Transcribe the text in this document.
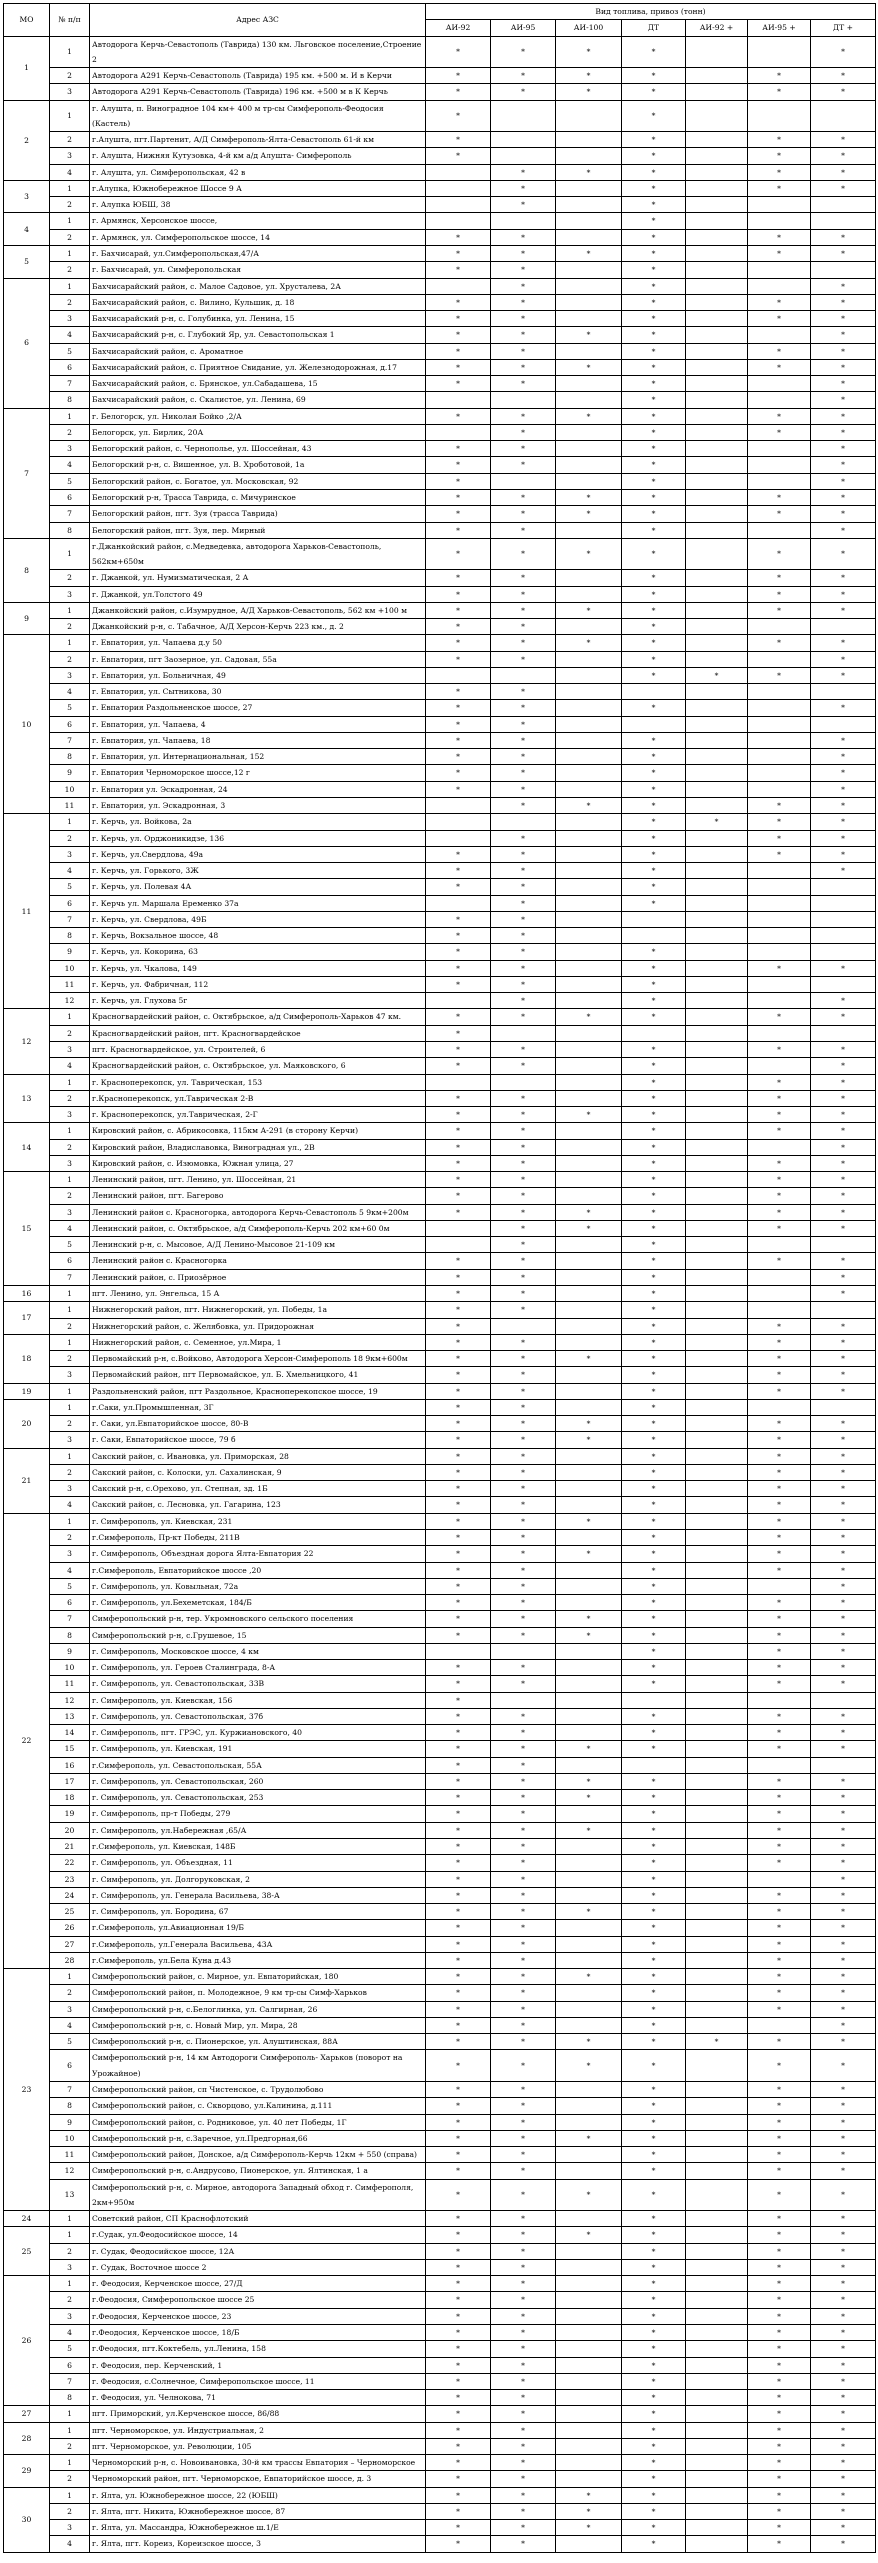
МО	№ п/п	Адрес АЗС	Вид топлива, привоз (тонн)						
			АИ-92	АИ-95	АИ-100	ДТ	АИ-92 +	АИ-95 +	ДТ +
1	1	Автодорога Керчь-Севастополь (Таврида) 130 км. Льговское поселение,Строение 2	*	*	*	*			*
	2	Автодорога А291 Керчь-Севастополь (Таврида) 195 км. +500 м. И в Керчи	*	*	*	*		*	*
	3	Автодорога А291 Керчь-Севастополь (Таврида) 196 км. +500 м в К Керчь	*	*	*	*		*	*
2	1	г. Алушта, п. Виноградное 104 км+ 400 м тр-сы Симферополь-Феодосия (Кастель)	*			*			
	2	г.Алушта, пгт.Партенит, А/Д Симферополь-Ялта-Севастополь 61-й км	*			*		*	*
	3	г. Алушта, Нижняя Кутузовка, 4-й км а/д Алушта- Симферополь	*			*		*	*
	4	г. Алушта, ул. Симферопольская, 42 в		*	*	*		*	*
3	1	г.Алупка, Южнобережное Шоссе 9 А		*		*		*	*
	2	г. Алупка ЮБШ, 38		*		*			
4	1	г. Армянск, Херсонское шоссе,				*			
	2	г. Армянск, ул. Симферопольское шоссе, 14	*	*		*		*	*
5	1	г. Бахчисарай, ул.Симферопольская,47/А	*	*	*	*		*	*
	2	г. Бахчисарай, ул. Симферопольская	*	*		*			
6	1	Бахчисарайский район, с. Малое Садовое, ул. Хрусталева, 2А		*		*			*
	2	Бахчисарайский район, с. Вилино, Кульшик, д. 18	*	*		*		*	*
	3	Бахчисарайский р-н, с. Голубинка, ул. Ленина, 15	*	*		*		*	*
	4	Бахчисарайский р-н, с. Глубокий Яр, ул. Севастопольская 1	*	*	*	*			*
	5	Бахчисарайский район, с. Ароматное	*	*		*		*	*
	6	Бахчисарайский район, с. Приятное Свидание, ул. Железнодорожная, д.17	*	*	*	*		*	*
	7	Бахчисарайский район, с. Брянское, ул.Сабадашева, 15	*	*		*			*
	8	Бахчисарайский район, с. Скалистое, ул. Ленина, 69				*			*
7	1	г. Белогорск, ул. Николая Бойко ,2/А	*	*	*	*		*	*
	2	Белогорск, ул. Бирлик, 20А		*		*		*	*
	3	Белогорский район, с. Чернополье, ул. Шоссейная, 43	*	*		*			*
	4	Белогорский р-н, с. Вишенное, ул. В. Хроботовой, 1а	*	*		*			*
	5	Белогорский район, с. Богатое, ул. Московская, 92	*			*			*
	6	Белогорский р-н, Трасса Таврида, с. Мичуринское	*	*	*	*		*	*
	7	Белогорский район, пгт. Зуя (трасса Таврида)	*	*	*	*		*	*
	8	Белогорский район, пгт. Зуя, пер. Мирный	*	*		*			*
8	1	г.Джанкойский район, с.Медведевка, автодорога Харьков-Севастополь, 562км+650м	*	*	*	*		*	*
	2	г. Джанкой, ул. Нумизматическая, 2 А	*	*		*		*	*
	3	г. Джанкой, ул.Толстого 49	*	*		*		*	*
9	1	Джанкойский район, с.Изумрудное, А/Д Харьков-Севастополь, 562 км +100 м	*	*	*	*		*	*
	2	Джанкойский р-н, с. Табачное, А/Д Херсон-Керчь 223 км., д. 2	*	*		*			
10	1	г. Евпатория, ул. Чапаева д.у 50	*	*	*	*		*	*
	2	г. Евпатория, пгт Заозерное, ул. Садовая, 55а	*	*		*			*
	3	г. Евпатория, ул. Больничная, 49				*	*	*	*
	4	г. Евпатория, ул. Сытникова, 30	*	*					
	5	г. Евпатория Раздольненское шоссе, 27	*	*		*			*
	6	г. Евпатория, ул. Чапаева, 4	*	*					
	7	г. Евпатория, ул. Чапаева, 18	*	*		*			*
	8	г. Евпатория, ул. Интернациональная, 152	*	*		*			*
	9	г. Евпатория Черноморское шоссе,12 г	*	*		*			*
	10	г. Евпатория ул. Эскадронная, 24	*	*		*			*
	11	г. Евпатория, ул. Эскадронная, 3		*	*	*		*	*
11	1	г. Керчь, ул. Войкова, 2а				*	*	*	*
	2	г. Керчь, ул. Орджоникидзе, 136		*		*		*	*
	3	г. Керчь, ул.Свердлова, 49а	*	*		*		*	*
	4	г. Керчь, ул. Горького, 3Ж	*	*		*			*
	5	г. Керчь, ул. Полевая 4А	*	*		*			
	6	г. Керчь ул. Маршала Еременко 37а		*		*			
	7	г. Керчь, ул. Свердлова, 49Б	*	*					
	8	г. Керчь, Вокзальное шоссе, 48	*	*					
	9	г. Керчь, ул. Кокорина, 63	*	*		*			
	10	г. Керчь, ул. Чкалова, 149	*	*		*		*	*
	11	г. Керчь, ул. Фабричная, 112	*	*		*			
	12	г. Керчь, ул. Глухова 5г		*		*			*
12	1	Красногвардейский район, с. Октябрьское, а/д Симферополь-Харьков 47 км.	*	*	*	*		*	*
	2	Красногвардейский район, пгт. Красногвардейское	*						
	3	пгт. Красногвардейское, ул. Строителей, 6	*	*		*		*	*
	4	Красногвардейский район, с. Октябрьское, ул. Маяковского, 6	*	*		*			*
13	1	г. Красноперекопск, ул. Таврическая, 153				*		*	*
	2	г.Красноперекопск, ул.Таврическая 2-В	*	*		*		*	*
	3	г. Красноперекопск, ул.Таврическая, 2-Г	*	*	*	*		*	*
14	1	Кировский район, с. Абрикосовка, 115км А-291 (в сторону Керчи)	*	*		*		*	*
	2	Кировский район, Владиславовка, Виноградная ул., 2В	*	*		*			*
	3	Кировский район, с. Изюмовка, Южная улица, 27	*	*		*		*	*
15	1	Ленинский район, пгт. Ленино, ул. Шоссейная, 21	*	*		*		*	*
	2	Ленинский район, пгт. Багерово	*	*		*		*	*
	3	Ленинский район с. Красногорка, автодорога Керчь-Севастополь 5 9км+200м	*	*	*	*		*	*
	4	Ленинский район, с. Октябрьское, а/д Симферополь-Керчь 202 км+60 0м		*	*	*		*	*
	5	Ленинский р-н, с. Мысовое, А/Д Ленино-Мысовое 21-109 км		*		*			
	6	Ленинский район с. Красногорка	*	*		*		*	*
	7	Ленинский район, с. Приозёрное	*	*		*			*
16	1	пгт. Ленино, ул. Энгельса, 15 А	*	*		*			*
17	1	Нижнегорский район, пгт. Нижнегорский, ул. Победы, 1а	*	*		*			
	2	Нижнегорский район, с. Желябовка, ул. Придорожная	*			*		*	*
18	1	Нижнегорский район, с. Семенное, ул.Мира, 1	*	*		*		*	*
	2	Первомайский р-н, с.Войково, Автодорога Херсон-Симферополь 18 9км+600м	*	*	*	*		*	*
	3	Первомайский район, пгт Первомайское, ул. Б. Хмельницкого, 41	*	*		*		*	*
19	1	Раздольненский район, пгт Раздольное, Красноперекопское шоссе, 19	*	*		*		*	*
20	1	г.Саки, ул.Промышленная, 3Г	*	*		*			
	2	г. Саки, ул.Евпаторийское шоссе, 80-В	*	*	*	*		*	*
	3	г. Саки, Евпаторийское шоссе, 79 б	*	*	*	*		*	*
21	1	Сакский район, с. Ивановка, ул. Приморская, 28	*	*		*		*	*
	2	Сакский район, с. Колоски, ул. Сахалинская, 9	*	*		*		*	*
	3	Сакский р-н, с.Орехово, ул. Степная, зд. 1Б	*	*		*		*	*
	4	Сакский район, с. Лесновка, ул. Гагарина, 123	*	*		*		*	*
22	1	г. Симферополь, ул. Киевская, 231	*	*	*	*		*	*
	2	г.Симферополь, Пр-кт Победы, 211В	*	*		*		*	*
	3	г. Симферополь, Объездная дорога Ялта-Евпатория 22	*	*	*	*		*	*
	4	г.Симферополь, Евпаторийское шоссе ,20	*	*		*		*	*
	5	г. Симферополь, ул. Ковыльная, 72а	*	*		*			*
	6	г. Симферополь, ул.Бехеметская, 184/Б	*	*		*		*	*
	7	Симферопольский р-н, тер. Укромновского сельского поселения	*	*	*	*		*	*
	8	Симферопольский р-н, с.Грушевое, 15	*	*	*	*		*	*
	9	г. Симферополь, Московское шоссе, 4 км				*		*	*
	10	г. Симферополь, ул. Героев Сталинграда, 8-А	*	*		*		*	*
	11	г. Симферополь, ул. Севастопольская, 33В	*	*		*		*	*
	12	г. Симферополь, ул. Киевская, 156	*						
	13	г. Симферополь, ул. Севастопольская, 37б	*	*		*		*	*
	14	г. Симферополь, пгт. ГРЭС, ул. Куржиановского, 40	*	*		*		*	*
	15	г. Симферополь, ул. Киевская, 191	*	*	*	*		*	*
	16	г.Симферополь, ул. Севастопольская, 55А	*	*					
	17	г. Симферополь, ул. Севастопольская, 260	*	*	*	*		*	*
	18	г. Симферополь, ул. Севастопольская, 253	*	*	*	*		*	*
	19	г. Симферополь, пр-т Победы, 279	*	*		*		*	*
	20	г. Симферополь, ул.Набережная ,65/А	*	*	*	*		*	*
	21	г.Симферополь, ул. Киевская, 148Б	*	*		*		*	*
	22	г. Симферополь, ул. Объездная, 11	*	*		*		*	*
	23	г. Симферополь, ул. Долгоруковская, 2	*	*		*			*
	24	г. Симферополь, ул. Генерала Васильева, 38-А	*	*		*		*	*
	25	г. Симферополь, ул. Бородина, 67	*	*	*	*		*	*
	26	г.Симферополь, ул.Авиационная 19/Б	*	*		*		*	*
	27	г.Симферополь, ул.Генерала Васильева, 43А	*	*		*		*	*
	28	г.Симферополь, ул.Бела Куна д.43	*	*		*		*	*
23	1	Симферопольский район, с. Мирное, ул. Евпаторийская, 180	*	*	*	*		*	*
	2	Симферопольский район, п. Молодежное, 9 км тр-сы Симф-Харьков	*	*		*		*	*
	3	Симферопольский р-н, с.Белоглинка, ул. Салгирная, 26	*	*		*		*	*
	4	Симферопольский р-н, с. Новый Мир, ул. Мира, 28	*	*		*			*
	5	Симферопольский р-н, с. Пионерское, ул. Алуштинская, 88А	*	*	*	*	*	*	*
	6	Симферопольский р-н, 14 км Автодороги Симферополь- Харьков (поворот на Урожайное)	*	*	*	*		*	*
	7	Симферопольский район, сп Чистенское, с. Трудолюбово	*	*		*		*	*
	8	Симферопольский район, с. Скворцово, ул.Калинина, д.111	*	*		*		*	*
	9	Симферопольский район, с. Родниковое, ул. 40 лет Победы, 1Г	*	*		*		*	*
	10	Симферопольский р-н, с.Заречное, ул.Предгорная,66	*	*	*	*		*	*
	11	Симферопольский район, Донское, а/д Симферополь-Керчь 12км + 550 (справа)	*	*		*		*	*
	12	Симферопольский р-н, с.Андрусово, Пионерское, ул. Ялтинская, 1 а	*	*		*		*	*
	13	Симферопольский р-н, с. Мирное, автодорога Западный обход г. Симферополя, 2км+950м	*	*	*	*		*	*
24	1	Советский район, СП Краснофлотский	*	*		*		*	*
25	1	г.Судак, ул.Феодосийское шоссе, 14	*	*	*	*		*	*
	2	г. Судак, Феодосийское шоссе, 12А	*	*		*		*	*
	3	г. Судак, Восточное шоссе 2	*	*		*		*	*
26	1	г. Феодосия, Керченское шоссе, 27/Д	*	*		*		*	*
	2	г.Феодосия, Симферопольское шоссе 25	*	*		*		*	*
	3	г.Феодосия, Керченское шоссе, 23	*	*		*		*	*
	4	г.Феодосия, Керченское шоссе, 18/Б	*	*		*		*	*
	5	г.Феодосия, пгт.Коктебель, ул.Ленина, 158	*	*		*		*	*
	6	г. Феодосия, пер. Керченский, 1	*	*		*		*	*
	7	г. Феодосия, с.Солнечное, Симферопольское шоссе, 11	*	*		*		*	*
	8	г. Феодосия, ул. Челнокова, 71	*	*		*		*	*
27	1	пгт. Приморский, ул.Керченское шоссе, 86/88	*	*		*		*	*
28	1	пгт. Черноморское, ул. Индустриальная, 2	*	*		*		*	*
	2	пгт. Черноморское, ул. Революции, 105	*	*		*		*	*
29	1	Черноморский р-н, с. Новоивановка, 30-й км трассы Евпатория – Черноморское	*	*		*		*	*
	2	Черноморский район, пгт. Черноморское, Евпаторийское шоссе, д. 3	*	*		*		*	*
30	1	г. Ялта, ул. Южнобережное шоссе, 22 (ЮБШ)	*	*	*	*		*	*
	2	г. Ялта, пгт. Никита, Южнобережное шоссе, 87	*	*	*	*		*	*
	3	г. Ялта, ул. Массандра, Южнобережное ш.1/Е	*	*	*	*		*	*
	4	г. Ялта, пгт. Кореиз, Кореизское шоссе, 3	*	*		*		*	*
